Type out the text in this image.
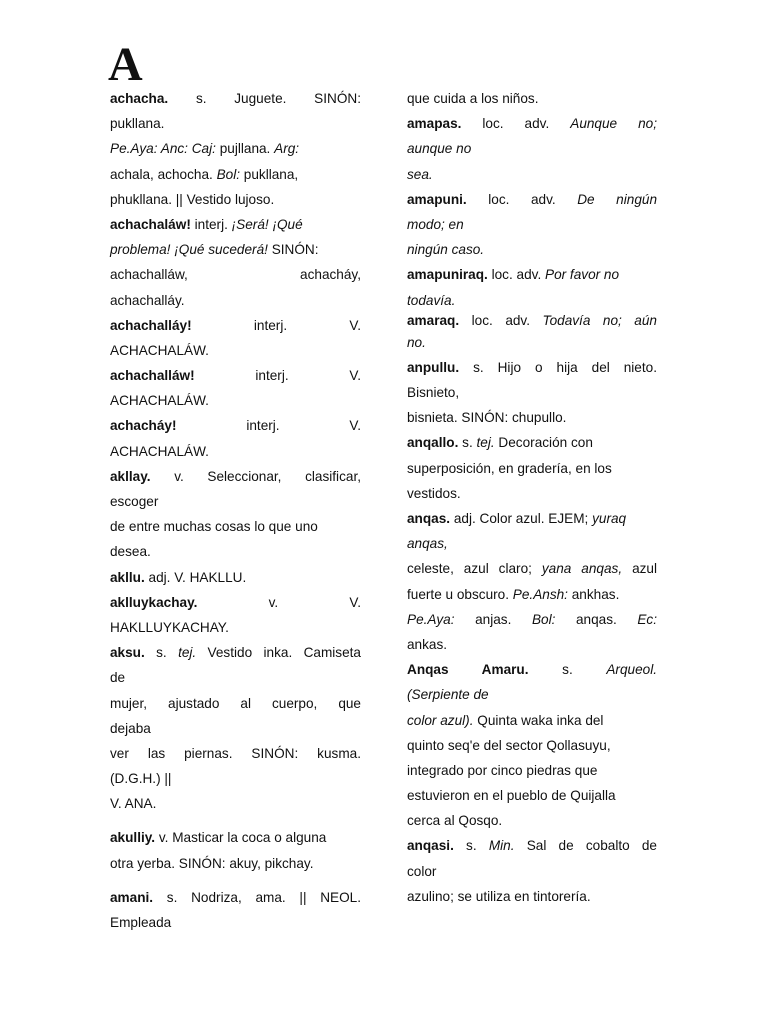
A
achacha. s. Juguete. SINÓN:
pukllana.
Pe.Aya: Anc: Caj: pujllana. Arg:
achala, achocha. Bol: pukllana,
phukllana. || Vestido lujoso.
achachaláw! interj. ¡Será! ¡Qué
problema! ¡Qué sucederá! SINÓN:
achachalláw, achacháy,
achachalláy.
achachalláy! interj. V.
ACHACHALÁW.
achachalláw! interj. V.
ACHACHALÁW.
achacháy! interj. V.
ACHACHALÁW.
akllay. v. Seleccionar, clasificar,
escoger
de entre muchas cosas lo que uno
desea.
akllu. adj. V. HAKLLU.
aklluykachay. v. V.
HAKLLUYKACHAY.
aksu. s. tej. Vestido inka. Camiseta
de
mujer, ajustado al cuerpo, que
dejaba
ver las piernas. SINÓN: kusma.
(D.G.H.) ||
V. ANA.
akulliy. v. Masticar la coca o alguna
otra yerba. SINÓN: akuy, pikchay.
amani. s. Nodriza, ama. || NEOL.
Empleada
que cuida a los niños.
amapas. loc. adv. Aunque no;
aunque no
sea.
amapuni. loc. adv. De ningún
modo; en
ningún caso.
amapuniraq. loc. adv. Por favor no
todavía.
amaraq. loc. adv. Todavía no; aún
no.
anpullu. s. Hijo o hija del nieto.
Bisnieto,
bisnieta. SINÓN: chupullo.
anqallo. s. tej. Decoración con
superposición, en gradería, en los
vestidos.
anqas. adj. Color azul. EJEM; yuraq
anqas,
celeste, azul claro; yana anqas, azul
fuerte u obscuro. Pe.Ansh: ankhas.
Pe.Aya: anjas. Bol: anqas. Ec:
ankas.
Anqas Amaru. s. Arqueol.
(Serpiente de
color azul). Quinta waka inka del
quinto seq'e del sector Qollasuyu,
integrado por cinco piedras que
estuvieron en el pueblo de Quijalla
cerca al Qosqo.
anqasi. s. Min. Sal de cobalto de
color
azulino; se utiliza en tintorería.
